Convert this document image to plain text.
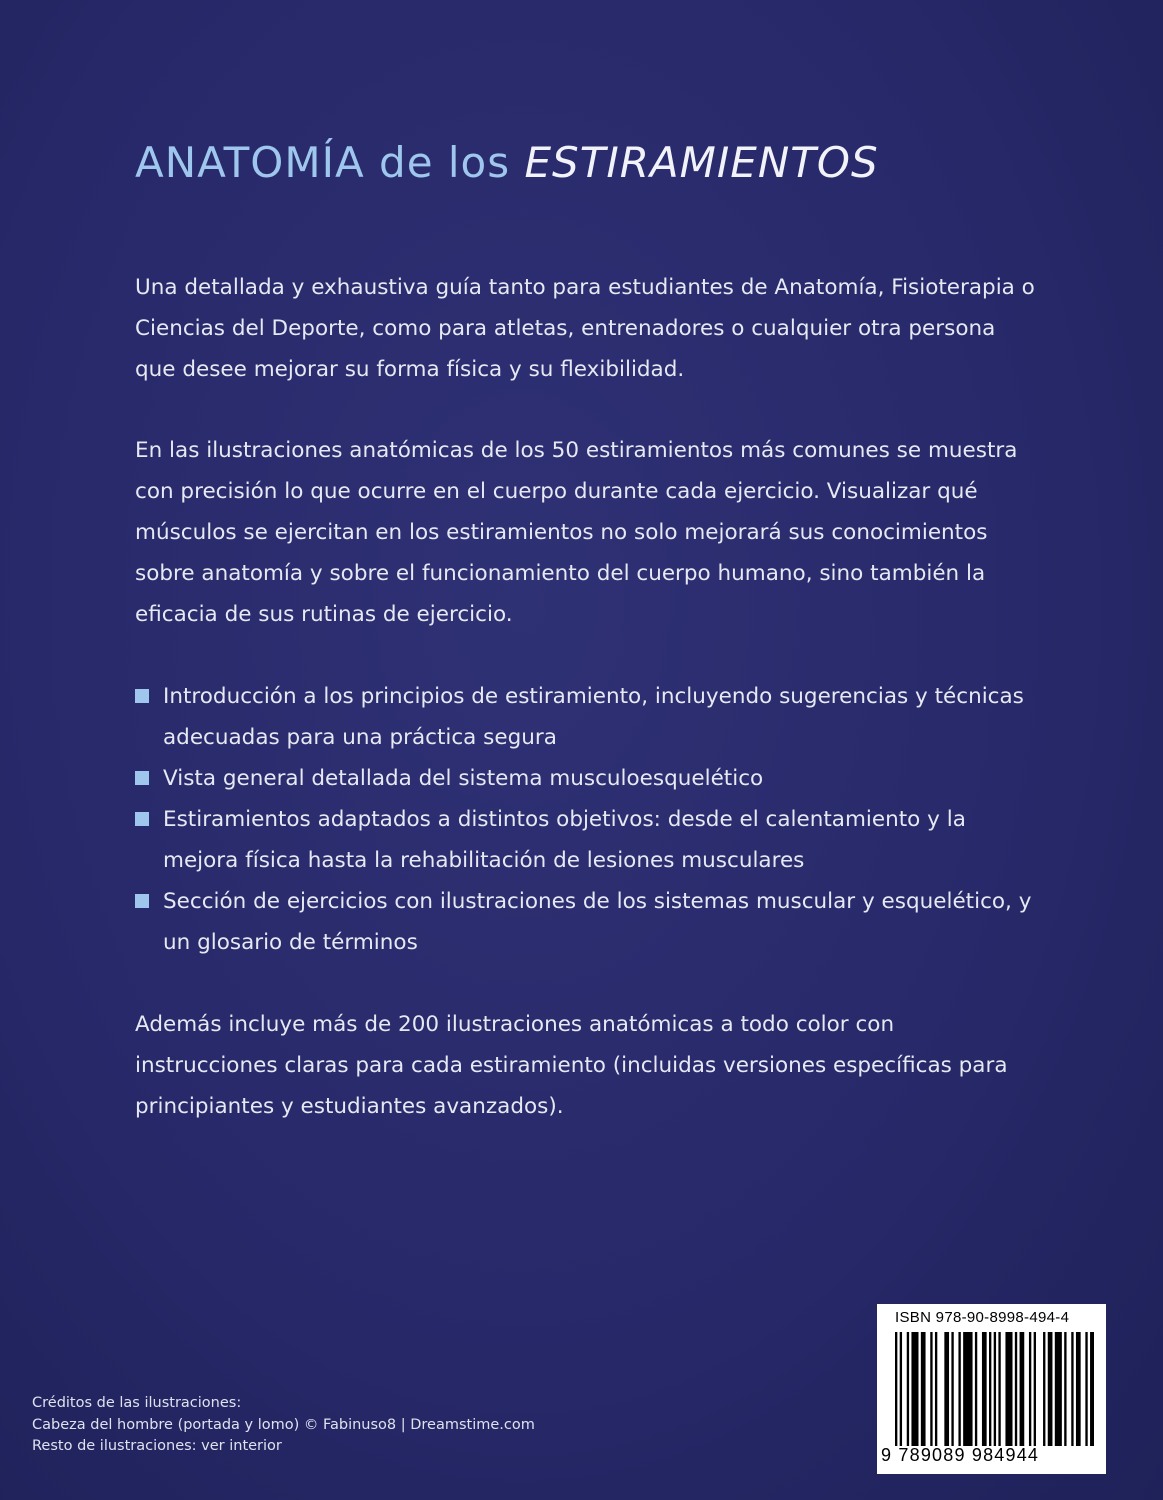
ANATOMÍA de los ESTIRAMIENTOS

Una detallada y exhaustiva guía tanto para estudiantes de Anatomía, Fisioterapia o Ciencias del Deporte, como para atletas, entrenadores o cualquier otra persona que desee mejorar su forma física y su flexibilidad.

En las ilustraciones anatómicas de los 50 estiramientos más comunes se muestra con precisión lo que ocurre en el cuerpo durante cada ejercicio. Visualizar qué músculos se ejercitan en los estiramientos no solo mejorará sus conocimientos sobre anatomía y sobre el funcionamiento del cuerpo humano, sino también la eficacia de sus rutinas de ejercicio.

Introducción a los principios de estiramiento, incluyendo sugerencias y técnicas adecuadas para una práctica segura
Vista general detallada del sistema musculoesquelético
Estiramientos adaptados a distintos objetivos: desde el calentamiento y la mejora física hasta la rehabilitación de lesiones musculares
Sección de ejercicios con ilustraciones de los sistemas muscular y esquelético, y un glosario de términos

Además incluye más de 200 ilustraciones anatómicas a todo color con instrucciones claras para cada estiramiento (incluidas versiones específicas para principiantes y estudiantes avanzados).

Créditos de las ilustraciones:
Cabeza del hombre (portada y lomo) © Fabinuso8 | Dreamstime.com
Resto de ilustraciones: ver interior
ISBN 978-90-8998-494-4
9 789089 984944
